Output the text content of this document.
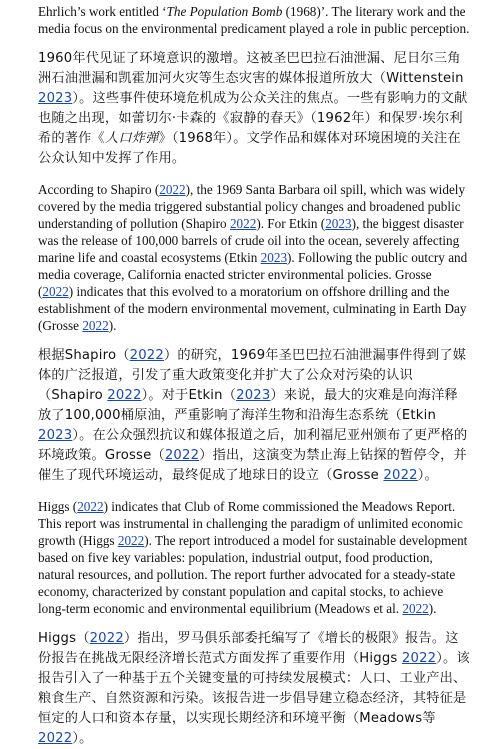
Ehrlich’s work entitled ‘The Population Bomb (1968)’. The literary work and the media focus on the environmental predicament played a role in public perception.

1960年代见证了环境意识的激增。这被圣巴巴拉石油泄漏、尼日尔三角洲石油泄漏和凯霍加河火灾等生态灾害的媒体报道所放大（Wittenstein 2023）。这些事件使环境危机成为公众关注的焦点。一些有影响力的文献也随之出现，如蕾切尔·卡森的《寂静的春天》（1962年）和保罗·埃尔利希的著作《人口炸弹》（1968年）。文学作品和媒体对环境困境的关注在公众认知中发挥了作用。

According to Shapiro (2022), the 1969 Santa Barbara oil spill, which was widely covered by the media triggered substantial policy changes and broadened public understanding of pollution (Shapiro 2022). For Etkin (2023), the biggest disaster was the release of 100,000 barrels of crude oil into the ocean, severely affecting marine life and coastal ecosystems (Etkin 2023). Following the public outcry and media coverage, California enacted stricter environmental policies. Grosse (2022) indicates that this evolved to a moratorium on offshore drilling and the establishment of the modern environmental movement, culminating in Earth Day (Grosse 2022).

根据Shapiro（2022）的研究，1969年圣巴巴拉石油泄漏事件得到了媒体的广泛报道，引发了重大政策变化并扩大了公众对污染的认识（Shapiro 2022）。对于Etkin（2023）来说，最大的灾难是向海洋释放了100,000桶原油，严重影响了海洋生物和沿海生态系统（Etkin 2023）。在公众强烈抗议和媒体报道之后，加利福尼亚州颁布了更严格的环境政策。Grosse（2022）指出，这演变为禁止海上钻探的暂停令，并催生了现代环境运动，最终促成了地球日的设立（Grosse 2022）。

Higgs (2022) indicates that Club of Rome commissioned the Meadows Report. This report was instrumental in challenging the paradigm of unlimited economic growth (Higgs 2022). The report introduced a model for sustainable development based on five key variables: population, industrial output, food production, natural resources, and pollution. The report further advocated for a steady-state economy, characterized by constant population and capital stocks, to achieve long-term economic and environmental equilibrium (Meadows et al. 2022).

Higgs（2022）指出，罗马俱乐部委托编写了《增长的极限》报告。这份报告在挑战无限经济增长范式方面发挥了重要作用（Higgs 2022）。该报告引入了一种基于五个关键变量的可持续发展模式：人口、工业产出、粮食生产、自然资源和污染。该报告进一步倡导建立稳态经济，其特征是恒定的人口和资本存量，以实现长期经济和环境平衡（Meadows等 2022）。
